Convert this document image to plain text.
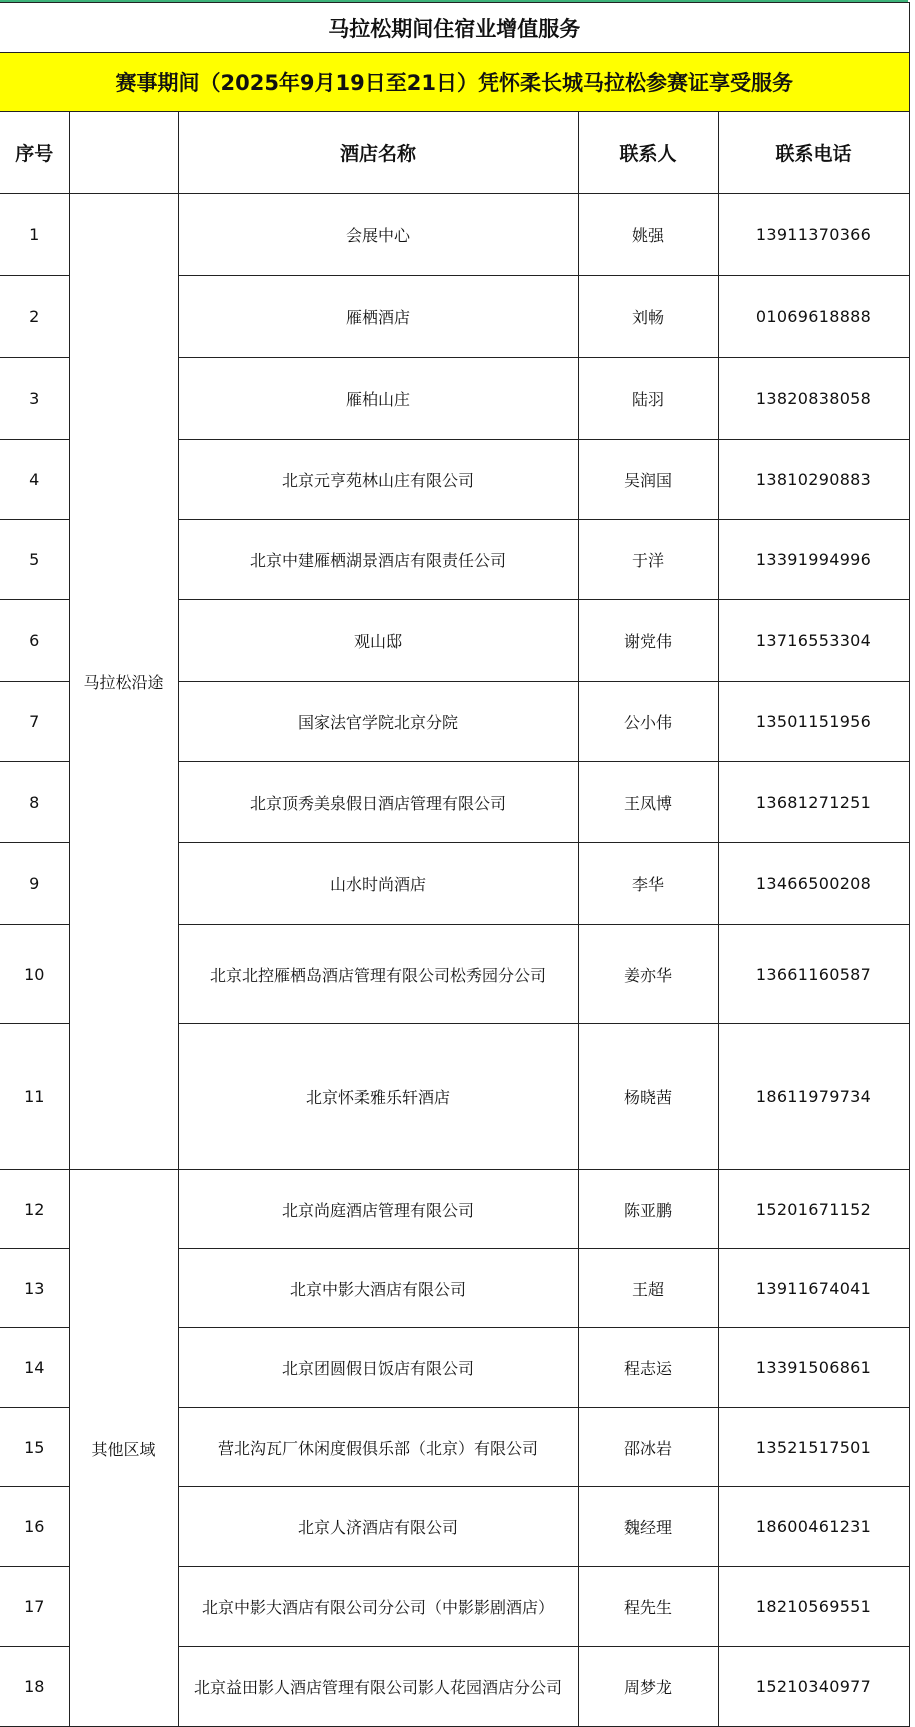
马拉松期间住宿业增值服务				
赛事期间（2025年9月19日至21日）凭怀柔长城马拉松参赛证享受服务				
序号		酒店名称	联系人	联系电话
1	马拉松沿途	会展中心	姚强	13911370366
2		雁栖酒店	刘畅	01069618888
3		雁柏山庄	陆羽	13820838058
4		北京元亨苑林山庄有限公司	吴润国	13810290883
5		北京中建雁栖湖景酒店有限责任公司	于洋	13391994996
6		观山邸	谢党伟	13716553304
7		国家法官学院北京分院	公小伟	13501151956
8		北京顶秀美泉假日酒店管理有限公司	王凤博	13681271251
9		山水时尚酒店	李华	13466500208
10		北京北控雁栖岛酒店管理有限公司松秀园分公司	姜亦华	13661160587
11		北京怀柔雅乐轩酒店	杨晓茜	18611979734
12	其他区域	北京尚庭酒店管理有限公司	陈亚鹏	15201671152
13		北京中影大酒店有限公司	王超	13911674041
14		北京团圆假日饭店有限公司	程志运	13391506861
15		营北沟瓦厂休闲度假俱乐部（北京）有限公司	邵冰岩	13521517501
16		北京人济酒店有限公司	魏经理	18600461231
17		北京中影大酒店有限公司分公司（中影影剧酒店）	程先生	18210569551
18		北京益田影人酒店管理有限公司影人花园酒店分公司	周梦龙	15210340977
